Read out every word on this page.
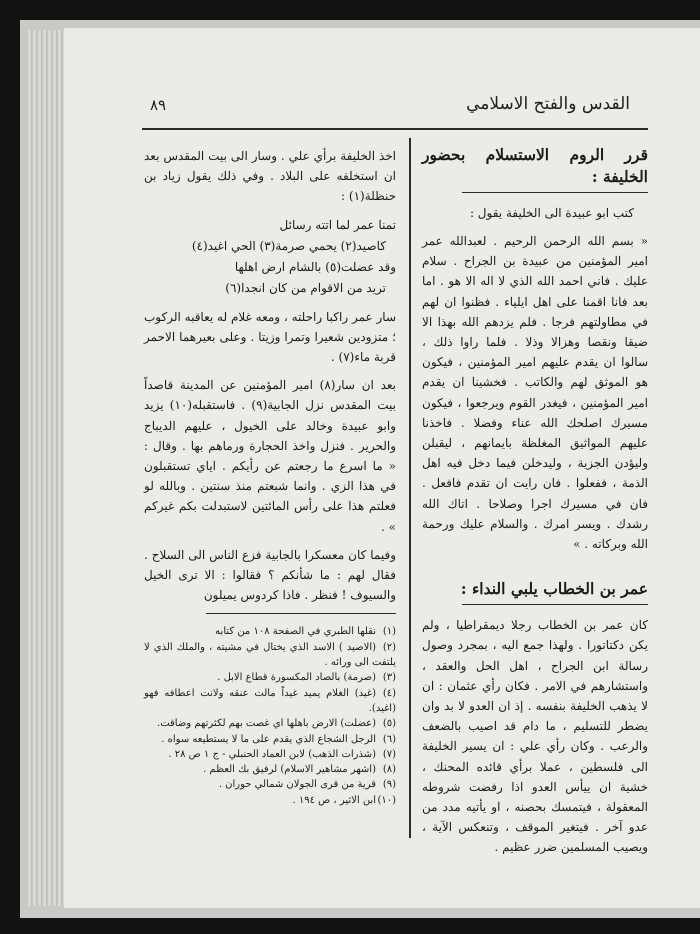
القدس والفتح الاسلامي
٨٩
قرر الروم الاستسلام بحضور الخليفة :
كتب ابو عبيدة الى الخليفة يقول :

« بسم الله الرحمن الرحيم . لعبدالله عمر امير المؤمنين من عبيدة بن الجراح . سلام عليك . فاني احمد الله الذي لا اله الا هو . اما بعد فانا اقمنا على اهل ايلياء . فظنوا ان لهم في مطاولتهم فرجا . فلم يزدهم الله بهذا الا ضيقا ونقصا وهزالا وذلا . فلما راوا ذلك ، سالوا ان يقدم عليهم امير المؤمنين ، فيكون هو الموثق لهم والكاتب . فخشينا ان يقدم امير المؤمنين ، فيغدر القوم ويرجعوا ، فيكون مسيرك اصلحك الله عناء وفضلا . فاخذنا عليهم المواثيق المغلظة بايمانهم ، ليقبلن وليؤدن الجزية ، وليدخلن فيما دخل فيه اهل الذمة ، ففعلوا . فان رايت ان تقدم فافعل . فان في مسيرك اجرا وصلاحا . اتاك الله رشدك . ويسر امرك . والسلام عليك ورحمة الله وبركاته . »

عمر بن الخطاب يلبي النداء :

كان عمر بن الخطاب رجلا ديمقراطيا ، ولم يكن دكتاتورا . ولهذا جمع اليه ، بمجرد وصول رسالة ابن الجراح ، اهل الحل والعقد ، واستشارهم في الامر . فكان رأي عثمان : ان لا يذهب الخليفة بنفسه . إذ ان العدو لا بد وان يضطر للتسليم ، ما دام قد اصيب بالضعف والرعب . وكان رأي علي : ان يسير الخليفة الى فلسطين ، عملا برأي قائده المحنك ، خشية ان ييأس العدو اذا رفضت شروطه المعقولة ، فيتمسك بحصنه ، او يأتيه مدد من عدو آخر . فيتغير الموقف ، وتنعكس الآية ، ويصيب المسلمين ضرر عظيم .

اخذ الخليفة برأي علي . وسار الى بيت المقدس بعد ان استخلفه على البلاد . وفي ذلك يقول زياد بن حنظلة(١) :

تمنا عمر لما اتته رسائل

كاصيد(٢) يحمي صرمة(٣) الحي اغيد(٤)

وقد عضلت(٥) بالشام ارض اهلها

تريد من الاقوام من كان انجدا(٦)

سار عمر راكبا راحلته ، ومعه غلام له يعاقبه الركوب ؛ متزودين شعيرا وتمرا وزيتا . وعلى بعيرهما الاحمر قربة ماء(٧) .

بعد ان سار(٨) امير المؤمنين عن المدينة قاصداً بيت المقدس نزل الجابية(٩) . فاستقبله(١٠) يزيد وابو عبيدة وخالد على الخيول ، عليهم الديباج والحرير . فنزل واخذ الحجارة ورماهم بها . وقال : « ما اسرع ما رجعتم عن رأيكم . اياي تستقبلون في هذا الزي . وانما شبعتم منذ سنتين . وبالله لو فعلتم هذا على رأس المائتين لاستبدلت بكم غيركم » .

وفيما كان معسكرا بالجابية فزع الناس الى السلاح . فقال لهم : ما شأنكم ؟ فقالوا : الا ترى الخيل والسيوف ! فنظر . فاذا كردوس يميلون

(١)نقلها الطبري في الصفحة ١٠٨ من كتابه

(٢)(الاصيد ) الاسد الذي يختال في مشيته ، والملك الذي لا يلتفت الى ورائه .

(٣)(صرمة) بالصاد المكسورة قطاع الابل .

(٤)(غيد) الغلام يميد غيداً مالت عنقه ولانت اعطافه فهو (اغيد).

(٥)(عضلت) الارض باهلها اي غصت بهم لكثرتهم وضاقت.

(٦)الرجل الشجاع الذي يقدم على ما لا يستطيعه سواه .

(٧)(شذرات الذهب) لابن العماد الحنبلي - ج ١ ص ٢٨ .

(٨)(اشهر مشاهير الاسلام) لرفيق بك العظم .

(٩)قرية من قرى الجولان شمالي حوران .

(١٠)ابن الاثير ، ص ١٩٤ .
